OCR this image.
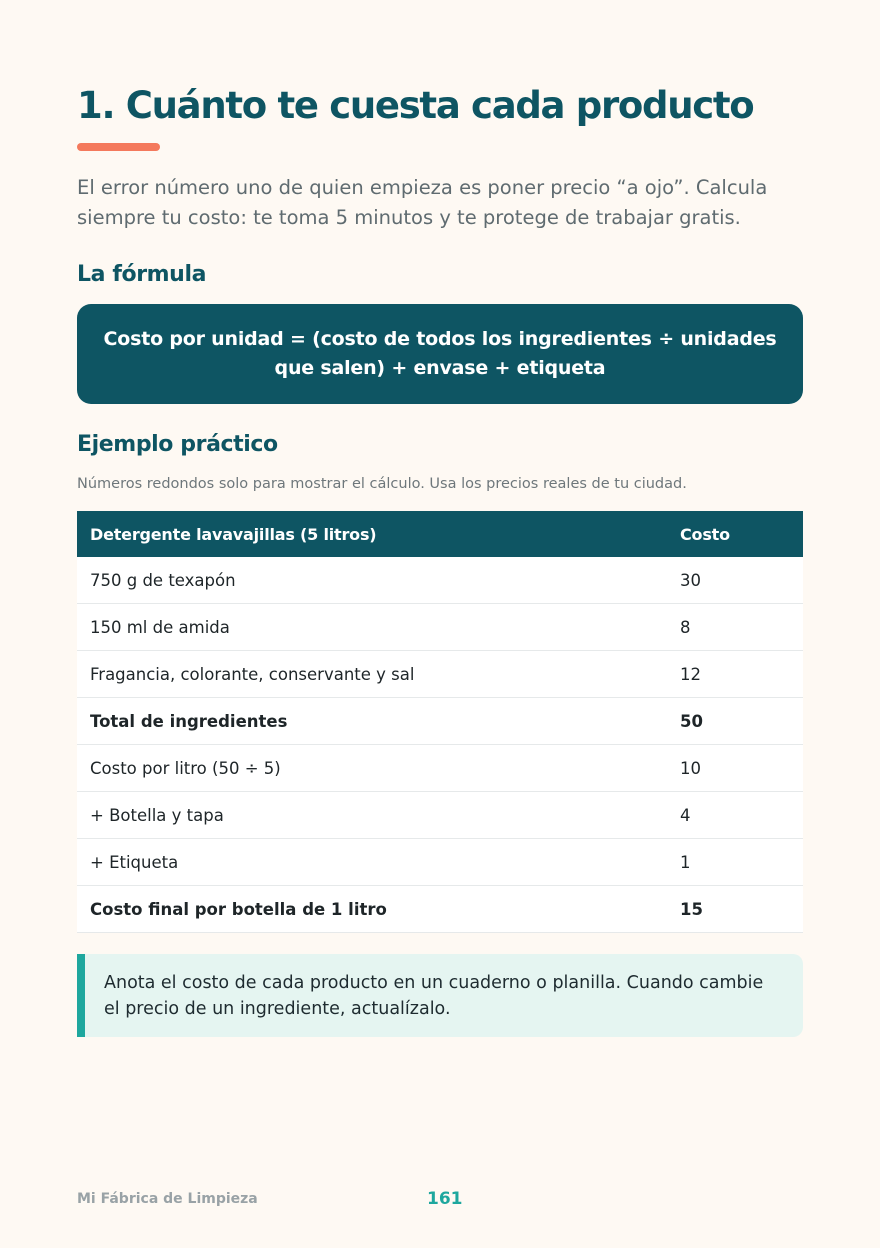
1. Cuánto te cuesta cada producto

El error número uno de quien empieza es poner precio “a ojo”. Calcula siempre tu costo: te toma 5 minutos y te protege de trabajar gratis.

La fórmula
Costo por unidad = (costo de todos los ingredientes ÷ unidades que salen) + envase + etiqueta
Ejemplo práctico

Números redondos solo para mostrar el cálculo. Usa los precios reales de tu ciudad.

Detergente lavavajillas (5 litros)	Costo
750 g de texapón	30
150 ml de amida	8
Fragancia, colorante, conservante y sal	12
Total de ingredientes	50
Costo por litro (50 ÷ 5)	10
+ Botella y tapa	4
+ Etiqueta	1
Costo final por botella de 1 litro	15
Anota el costo de cada producto en un cuaderno o planilla. Cuando cambie el precio de un ingrediente, actualízalo.
Mi Fábrica de Limpieza	161
